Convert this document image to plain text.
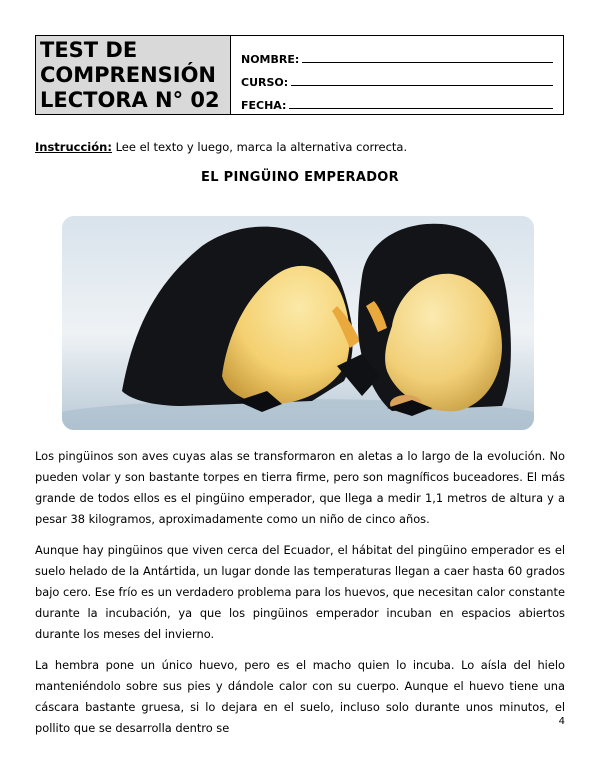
TEST DE
COMPRENSIÓN
LECTORA N° 02
NOMBRE:
CURSO:
FECHA:
Instrucción: Lee el texto y luego, marca la alternativa correcta.
EL PINGÜINO EMPERADOR

Los pingüinos son aves cuyas alas se transformaron en aletas a lo largo de la evolución. No pueden volar y son bastante torpes en tierra firme, pero son magníficos buceadores. El más grande de todos ellos es el pingüino emperador, que llega a medir 1,1 metros de altura y a pesar 38 kilogramos, aproximadamente como un niño de cinco años.

Aunque hay pingüinos que viven cerca del Ecuador, el hábitat del pingüino emperador es el suelo helado de la Antártida, un lugar donde las temperaturas llegan a caer hasta 60 grados bajo cero. Ese frío es un verdadero problema para los huevos, que necesitan calor constante durante la incubación, ya que los pingüinos emperador incuban en espacios abiertos durante los meses del invierno.

La hembra pone un único huevo, pero es el macho quien lo incuba. Lo aísla del hielo manteniéndolo sobre sus pies y dándole calor con su cuerpo. Aunque el huevo tiene una cáscara bastante gruesa, si lo dejara en el suelo, incluso solo durante unos minutos, el pollito que se desarrolla dentro se	4
